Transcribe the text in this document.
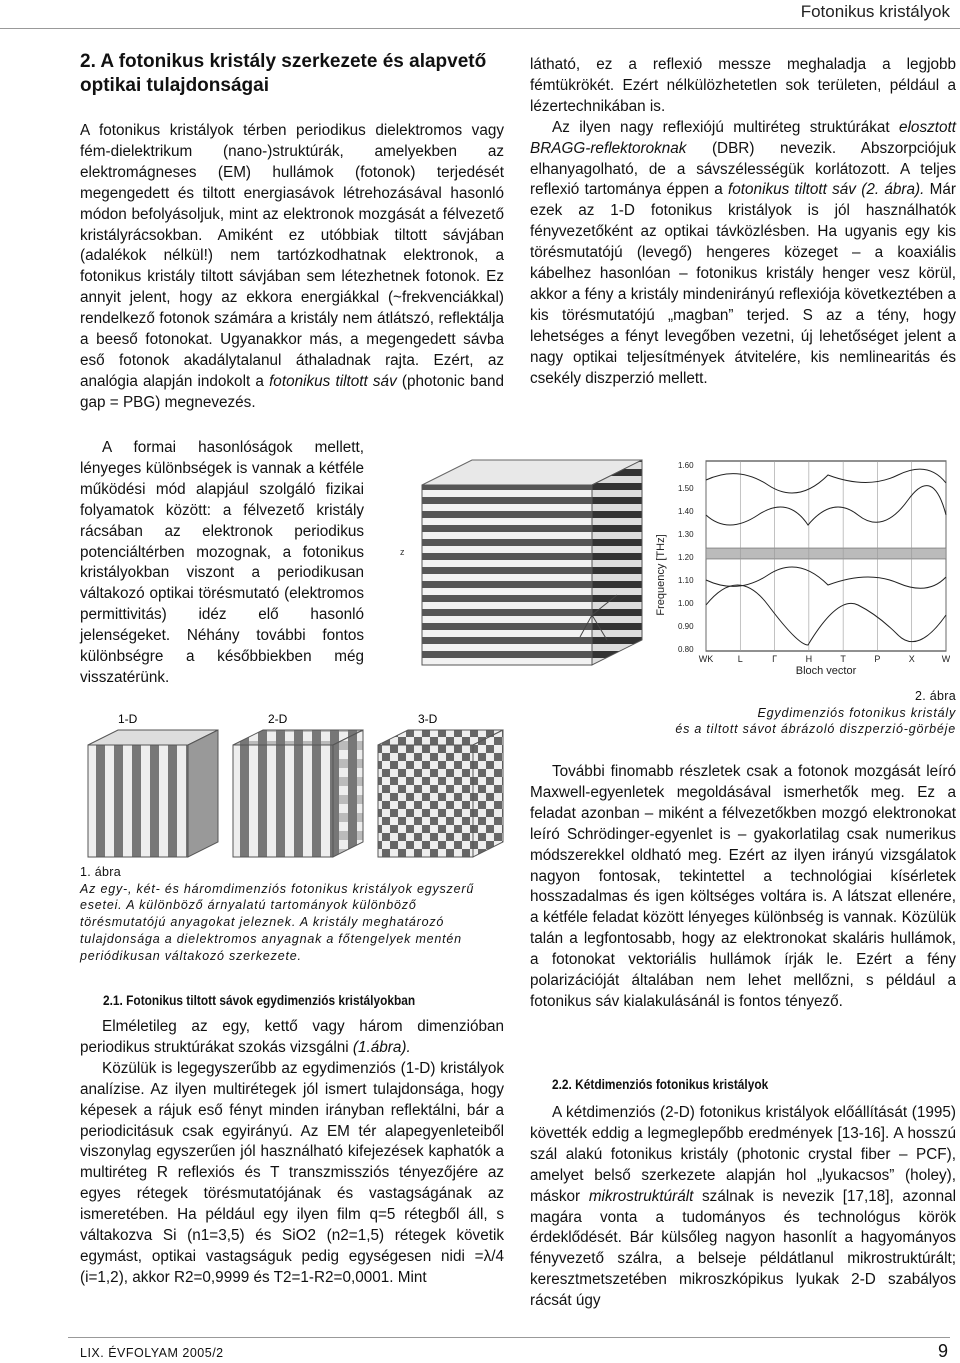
Fotonikus kristályok
2. A fotonikus kristály szerkezete és alapvető optikai tulajdonságai

A fotonikus kristályok térben periodikus dielektromos vagy fém-dielektrikum (nano-)struktúrák, amelyekben az elektromágneses (EM) hullámok (fotonok) terjedését megengedett és tiltott energiasávok létrehozásával hasonló módon befolyásoljuk, mint az elektronok mozgását a félvezető kristályrácsokban. Amiként ez utóbbiak tiltott sávjában (adalékok nélkül!) nem tartózkodhatnak elektronok, a fotonikus kristály tiltott sávjában sem létezhetnek fotonok. Ez annyit jelent, hogy az ekkora energiákkal (~frekvenciákkal) rendelkező fotonok számára a kristály nem átlátszó, reflektálja a beeső fotonokat. Ugyanakkor más, a megengedett sávba eső fotonok akadálytalanul áthaladnak rajta. Ezért, az analógia alapján indokolt a fotonikus tiltott sáv (photonic band gap = PBG) megnevezés.

A formai hasonlóságok mellett, lényeges különbségek is vannak a kétféle működési mód alapjául szolgáló fizikai folyamatok között: a félvezető kristály rácsában az elektronok periodikus potenciáltérben mozognak, a fotonikus kristályokban viszont a periodikusan váltakozó optikai törésmutató (elektromos permittivitás) idéz elő hasonló jelenségeket. Néhány további fontos különbségre a későbbiekben még visszatérünk.

z	Frequency [THz]
1.60
1.50
1.40
1.30
1.20
1.10
1.00
0.90
0.80
WK	L	Γ	H	T	P	X	W
Bloch vector
2. ábra
Egydimenziós fotonikus kristály
és a tiltott sávot ábrázoló diszperzió-görbéje

látható, ez a reflexió messze meghaladja a legjobb fémtükrökét. Ezért nélkülözhetetlen sok területen, például a lézertechnikában is.

Az ilyen nagy reflexiójú multiréteg struktúrákat elosztott BRAGG-reflektoroknak (DBR) nevezik. Abszorpciójuk elhanyagolható, de a sávszélességük korlátozott. A teljes reflexió tartománya éppen a fotonikus tiltott sáv (2. ábra). Már ezek az 1-D fotonikus kristályok is jól használhatók fényvezetőként az optikai távközlésben. Ha ugyanis egy kis törésmutatójú (levegő) hengeres közeget – a koaxiális kábelhez hasonlóan – fotonikus kristály henger vesz körül, akkor a fény a kristály mindenirányú reflexiója következtében a kis törésmutatójú „magban” terjed. S az a tény, hogy lehetséges a fényt levegőben vezetni, új lehetőséget jelent a nagy optikai teljesítmények átvitelére, kis nemlinearitás és csekély diszperzió mellett.

1-D	2-D	3-D
1. ábra
Az egy-, két- és háromdimenziós fotonikus kristályok egyszerű esetei. A különböző árnyalatú tartományok különböző törésmutatójú anyagokat jeleznek. A kristály meghatározó tulajdonsága a dielektromos anyagnak a főtengelyek mentén periódikusan váltakozó szerkezete.
2.1. Fotonikus tiltott sávok egydimenziós kristályokban

Elméletileg az egy, kettő vagy három dimenzióban periodikus struktúrákat szokás vizsgálni (1.ábra).

Közülük is legegyszerűbb az egydimenziós (1-D) kristályok analízise. Az ilyen multirétegek jól ismert tulajdonsága, hogy képesek a rájuk eső fényt minden irányban reflektálni, bár a periodicitásuk csak egyirányú. Az EM tér alapegyenleteiből viszonylag egyszerűen jól használható kifejezések kaphatók a multiréteg R reflexiós és T transzmissziós tényezőjére az egyes rétegek törésmutatójának és vastagságának az ismeretében. Ha például egy ilyen film q=5 rétegből áll, s váltakozva Si (n1=3,5) és SiO2 (n2=1,5) rétegek követik egymást, optikai vastagságuk pedig egységesen nidi =λ/4 (i=1,2), akkor R2=0,9999 és T2=1-R2=0,0001. Mint

További finomabb részletek csak a fotonok mozgását leíró Maxwell-egyenletek megoldásával ismerhetők meg. Ez a feladat azonban – miként a félvezetőkben mozgó elektronokat leíró Schrödinger-egyenlet is – gyakorlatilag csak numerikus módszerekkel oldható meg. Ezért az ilyen irányú vizsgálatok nagyon fontosak, tekintettel a technológiai kísérletek hosszadalmas és igen költséges voltára is. A látszat ellenére, a kétféle feladat között lényeges különbség is vannak. Közülük talán a legfontosabb, hogy az elektronokat skaláris hullámok, a fotonokat vektoriális hullámok írják le. Ezért a fény polarizációját általában nem lehet mellőzni, s például a fotonikus sáv kialakulásánál is fontos tényező.

2.2. Kétdimenziós fotonikus kristályok

A kétdimenziós (2-D) fotonikus kristályok előállítását (1995) követték eddig a legmeglepőbb eredmények [13-16]. A hosszú szál alakú fotonikus kristály (photonic crystal fiber – PCF), amelyet belső szerkezete alapján hol „lyukacsos” (holey), máskor mikrostruktúrált szálnak is nevezik [17,18], azonnal magára vonta a tudományos és technológus körök érdeklődését. Bár külsőleg nagyon hasonlít a hagyományos fényvezető szálra, a belseje példátlanul mikrostruktúrált; keresztmetszetében mikroszkópikus lyukak 2-D szabályos rácsát úgy

LIX. ÉVFOLYAM 2005/2	9
